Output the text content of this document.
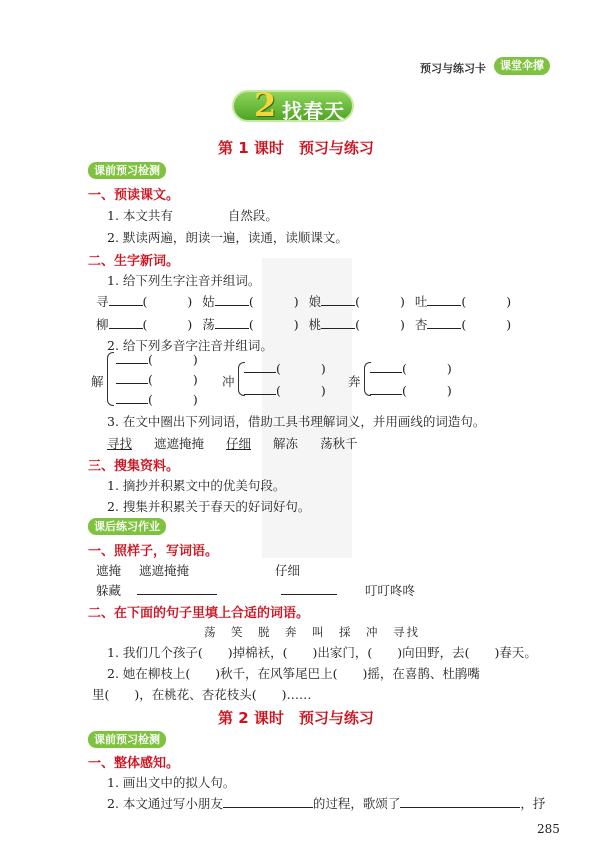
预习与练习卡	课堂伞撑
2 找春天
第 1 课时　预习与练习
课前预习检测
一、预读课文。
1. 本文共有	自然段。
2. 默读两遍，朗读一遍，读通，读顺课文。
二、生字新词。
1. 给下列生字注音并组词。
寻	(	) 姑	(	) 娘	(	) 吐	(	)
柳	(	) 荡	(	) 桃	(	) 杏	(	)
2. 给下列多音字注音并组词。
解
(	)
(	)
(	)
冲
(	)
(	)
奔
(	)
(	)
3. 在文中圈出下列词语，借助工具书理解词义，并用画线的词造句。
寻找 遮遮掩掩 仔细 解冻 荡秋千
三、搜集资料。
1. 摘抄并积累文中的优美句段。
2. 搜集并积累关于春天的好词好句。
课后练习作业
一、照样子，写词语。
遮掩 遮遮掩掩	仔细
躲藏	叮叮咚咚
二、在下面的句子里填上合适的词语。
荡　笑　脱　奔　叫　採　冲　寻找
1. 我们几个孩子(　　)掉棉袄，(　　)出家门，(　　)向田野，去(　　)春天。
2. 她在柳枝上(　　)秋千，在风筝尾巴上(　　)摇，在喜鹊、杜鹃嘴
里(　　)，在桃花、杏花枝头(　　)……
第 2 课时　预习与练习
课前预习检测
一、整体感知。
1. 画出文中的拟人句。
2. 本文通过写小朋友	的过程，歌颂了	，抒
285
